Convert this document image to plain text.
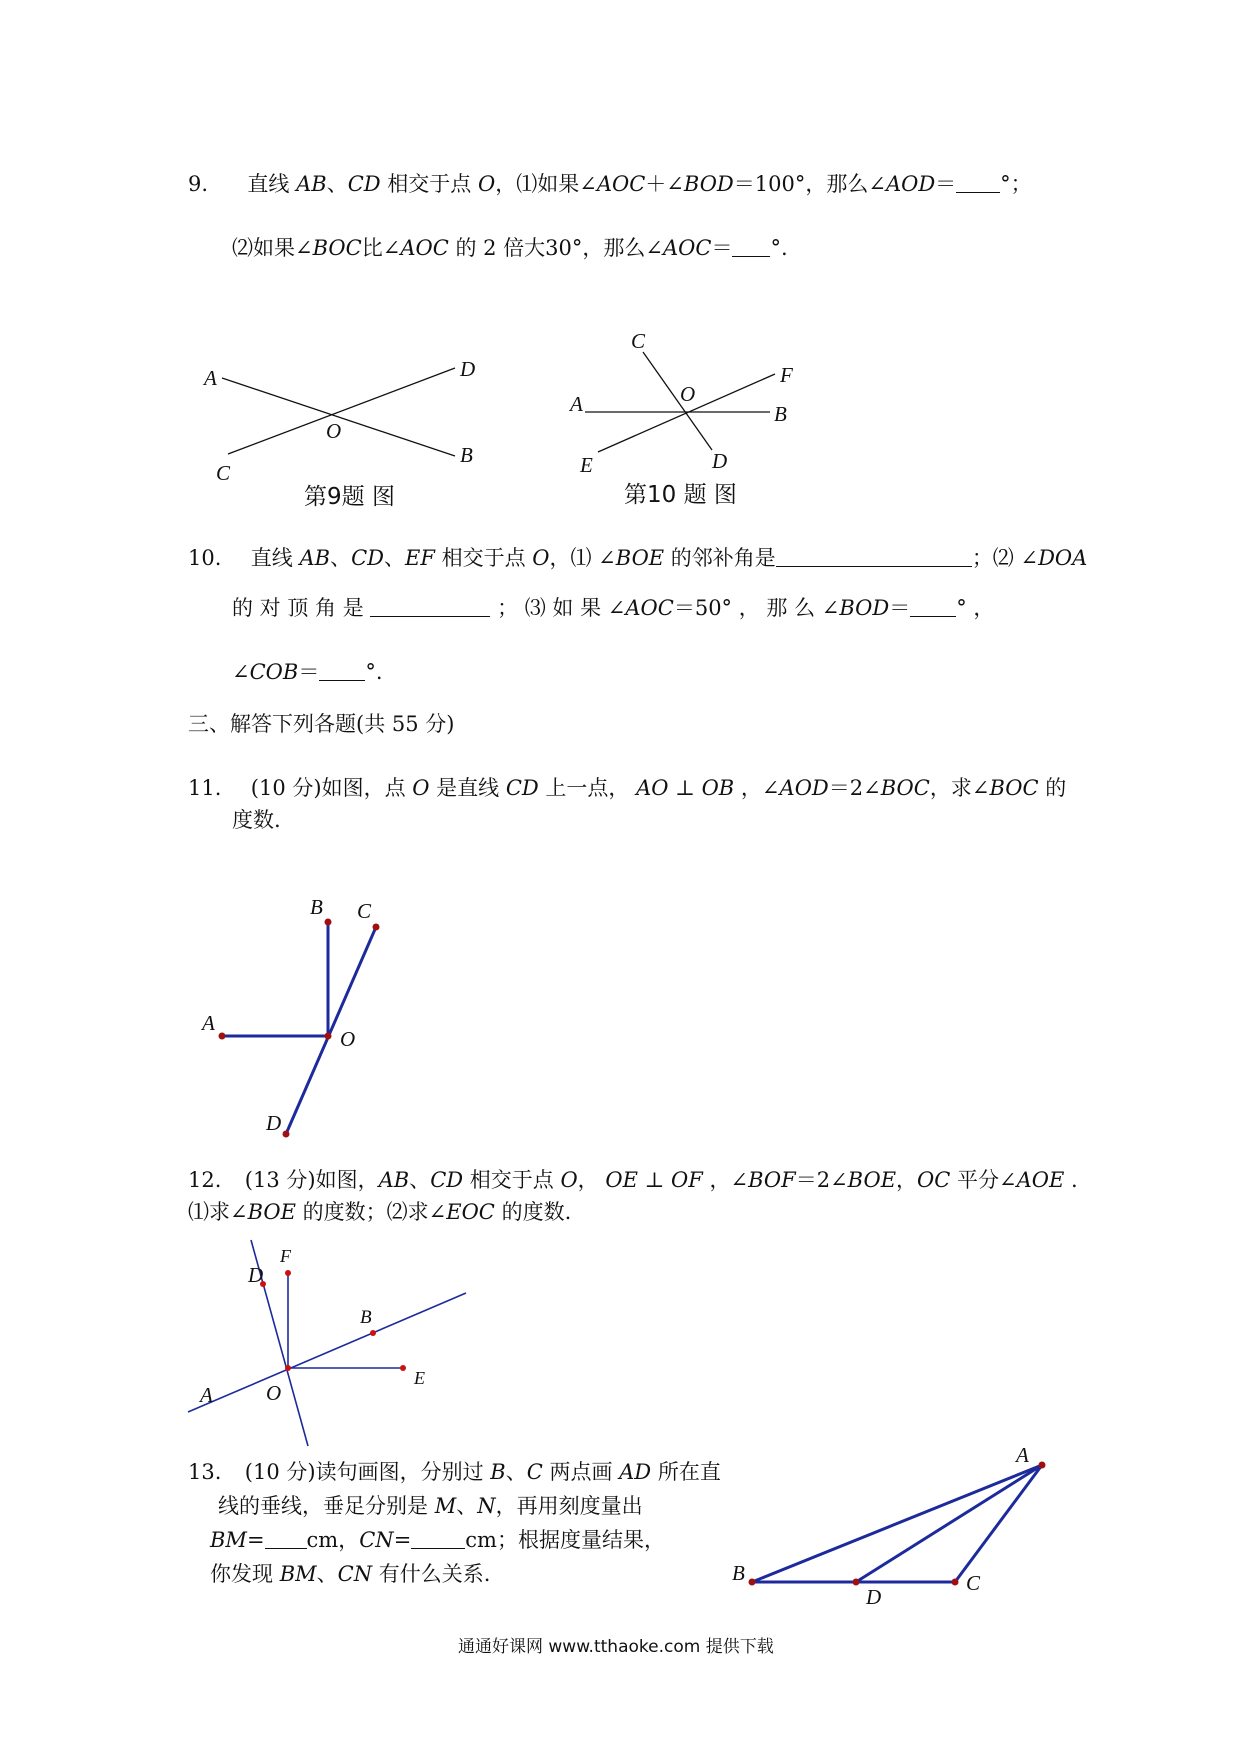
9. 直线 AB、CD 相交于点 O，⑴如果∠AOC＋∠BOD＝100°，那么∠AOD＝ °；
⑵如果∠BOC比∠AOC 的 2 倍大30°，那么∠AOC＝ °.
A	D
O
C
B
C
F
O
A	B
E	D
B C
A
O
D
F
D
B
E
A	O
A
B
D
C
第9题 图	第10 题 图
10. 直线 AB、CD、EF 相交于点 O，⑴ ∠BOE 的邻补角是	；⑵ ∠DOA
的 对 顶 角 是	； ⑶ 如 果 ∠AOC＝50° ， 那 么 ∠BOD＝ ° ，
∠COB＝ °.
三、解答下列各题(共 55 分)
11. (10 分)如图，点 O 是直线 CD 上一点， AO ⊥ OB ，∠AOD＝2∠BOC，求∠BOC 的
度数.
12. (13 分)如图，AB、CD 相交于点 O， OE ⊥ OF ，∠BOF＝2∠BOE，OC 平分∠AOE .
⑴求∠BOE 的度数；⑵求∠EOC 的度数.
13. (10 分)读句画图，分别过 B、C 两点画 AD 所在直
线的垂线，垂足分别是 M、N，再用刻度量出
BM= cm，CN=	cm；根据度量结果，
你发现 BM、CN 有什么关系.
通通好课网 www.tthaoke.com 提供下载
